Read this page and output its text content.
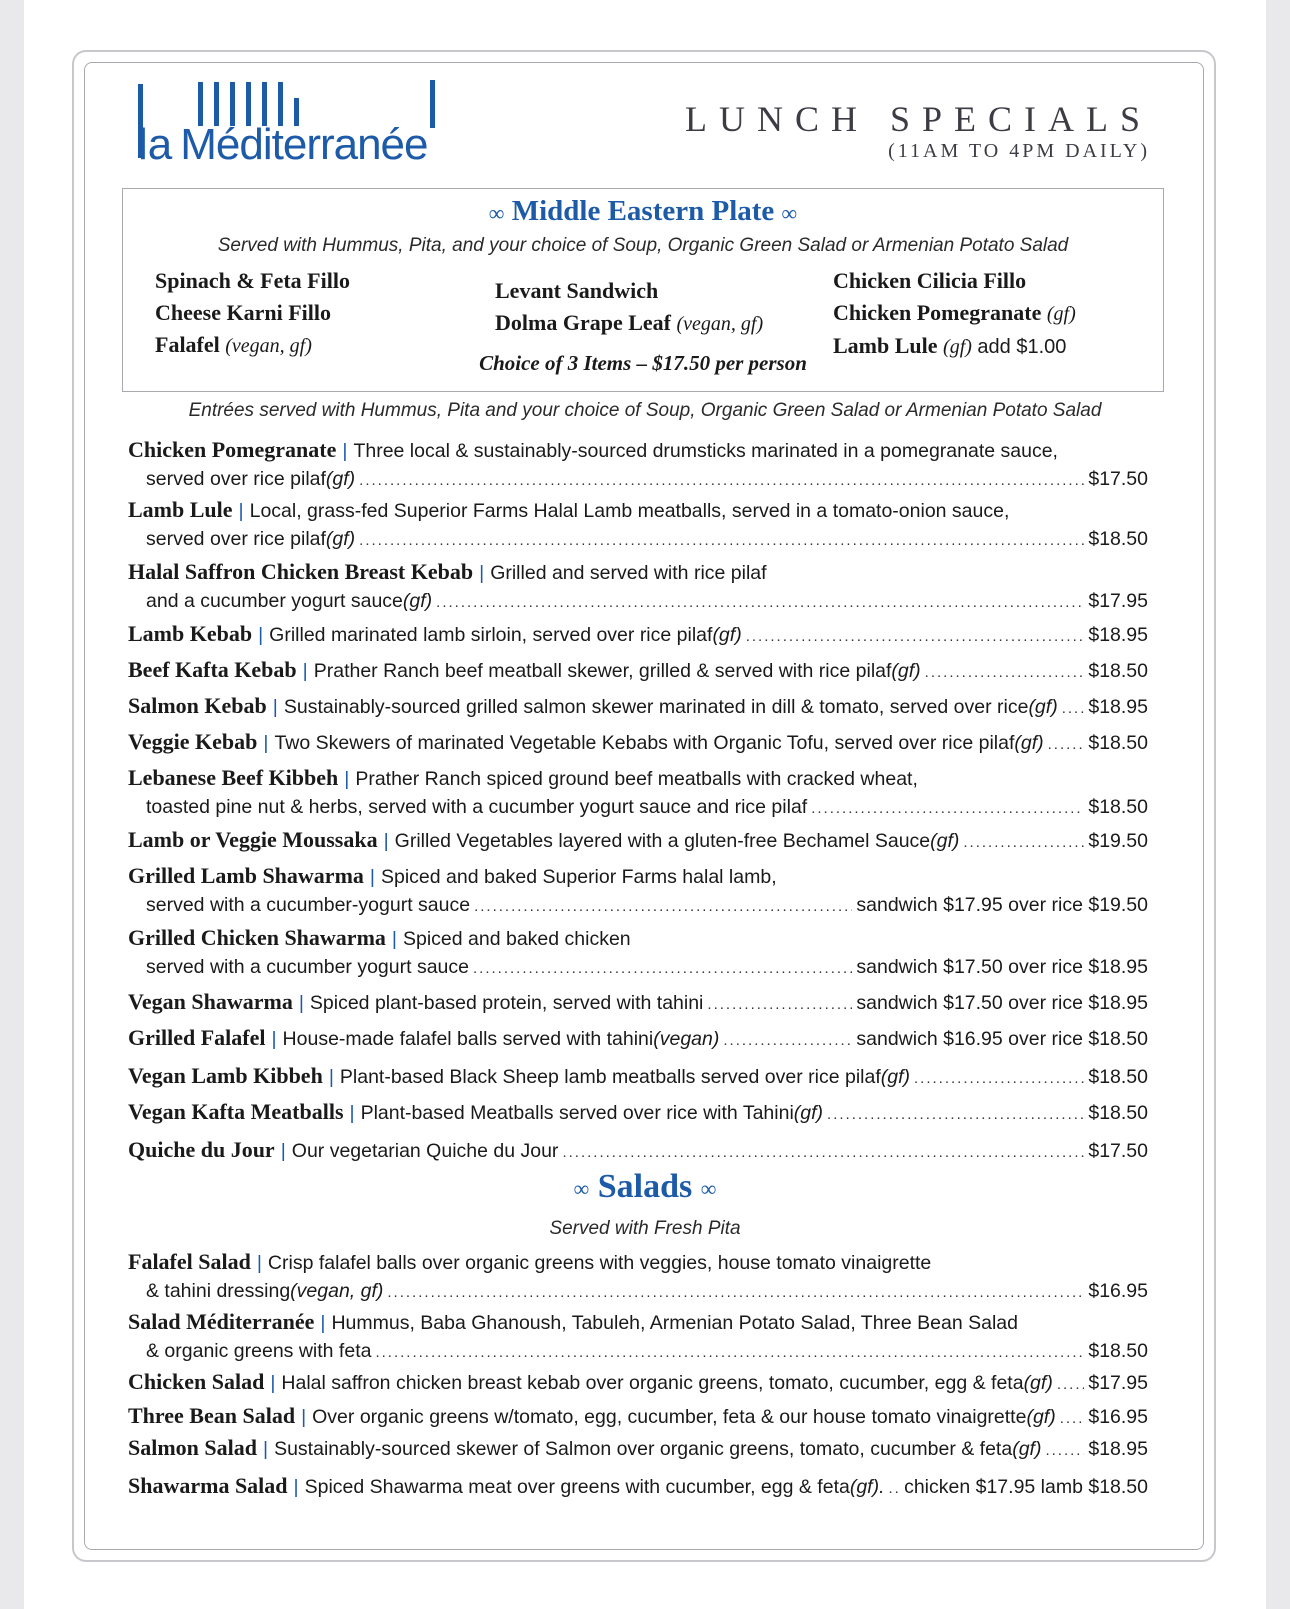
la Méditerranée
LUNCH SPECIALS
(11AM TO 4PM DAILY)
∞ Middle Eastern Plate ∞
Served with Hummus, Pita, and your choice of Soup, Organic Green Salad or Armenian Potato Salad
Spinach & Feta Fillo
Cheese Karni Fillo
Falafel (vegan, gf)
Levant Sandwich
Dolma Grape Leaf (vegan, gf)
Chicken Cilicia Fillo
Chicken Pomegranate (gf)
Lamb Lule (gf) add $1.00
Choice of 3 Items – $17.50 per person
Entrées served with Hummus, Pita and your choice of Soup, Organic Green Salad or Armenian Potato Salad
Chicken Pomegranate | Three local & sustainably-sourced drumsticks marinated in a pomegranate sauce,
served over rice pilaf (gf) .....	$17.50
Lamb Lule | Local, grass-fed Superior Farms Halal Lamb meatballs, served in a tomato-onion sauce,
served over rice pilaf (gf) .....	$18.50
Halal Saffron Chicken Breast Kebab | Grilled and served with rice pilaf
and a cucumber yogurt sauce (gf) .....	$17.95
Lamb Kebab | Grilled marinated lamb sirloin, served over rice pilaf (gf) .....	$18.95
Beef Kafta Kebab | Prather Ranch beef meatball skewer, grilled & served with rice pilaf (gf) .....	$18.50
Salmon Kebab | Sustainably-sourced grilled salmon skewer marinated in dill & tomato, served over rice (gf) ..... $18.95
Veggie Kebab | Two Skewers of marinated Vegetable Kebabs with Organic Tofu, served over rice pilaf (gf) ..... $18.50
Lebanese Beef Kibbeh | Prather Ranch spiced ground beef meatballs with cracked wheat,
toasted pine nut & herbs, served with a cucumber yogurt sauce and rice pilaf .....	$18.50
Lamb or Veggie Moussaka | Grilled Vegetables layered with a gluten-free Bechamel Sauce (gf) .....	$19.50
Grilled Lamb Shawarma | Spiced and baked Superior Farms halal lamb,
served with a cucumber-yogurt sauce .....	sandwich $17.95 over rice $19.50
Grilled Chicken Shawarma | Spiced and baked chicken
served with a cucumber yogurt sauce .....	sandwich $17.50 over rice $18.95
Vegan Shawarma | Spiced plant-based protein, served with tahini .....	sandwich $17.50 over rice $18.95
Grilled Falafel | House-made falafel balls served with tahini (vegan) .....	sandwich $16.95 over rice $18.50
Vegan Lamb Kibbeh | Plant-based Black Sheep lamb meatballs served over rice pilaf (gf) .....	$18.50
Vegan Kafta Meatballs | Plant-based Meatballs served over rice with Tahini (gf) .....	$18.50
Quiche du Jour | Our vegetarian Quiche du Jour .....	$17.50
∞ Salads ∞
Served with Fresh Pita
Falafel Salad | Crisp falafel balls over organic greens with veggies, house tomato vinaigrette
& tahini dressing (vegan, gf) .....	$16.95
Salad Méditerranée | Hummus, Baba Ghanoush, Tabuleh, Armenian Potato Salad, Three Bean Salad
& organic greens with feta .....	$18.50
Chicken Salad | Halal saffron chicken breast kebab over organic greens, tomato, cucumber, egg & feta (gf) ..... $17.95
Three Bean Salad | Over organic greens w/tomato, egg, cucumber, feta & our house tomato vinaigrette (gf) ..... $16.95
Salmon Salad | Sustainably-sourced skewer of Salmon over organic greens, tomato, cucumber & feta (gf) ..... $18.95
Shawarma Salad | Spiced Shawarma meat over greens with cucumber, egg & feta (gf). ..... chicken $17.95 lamb $18.50
